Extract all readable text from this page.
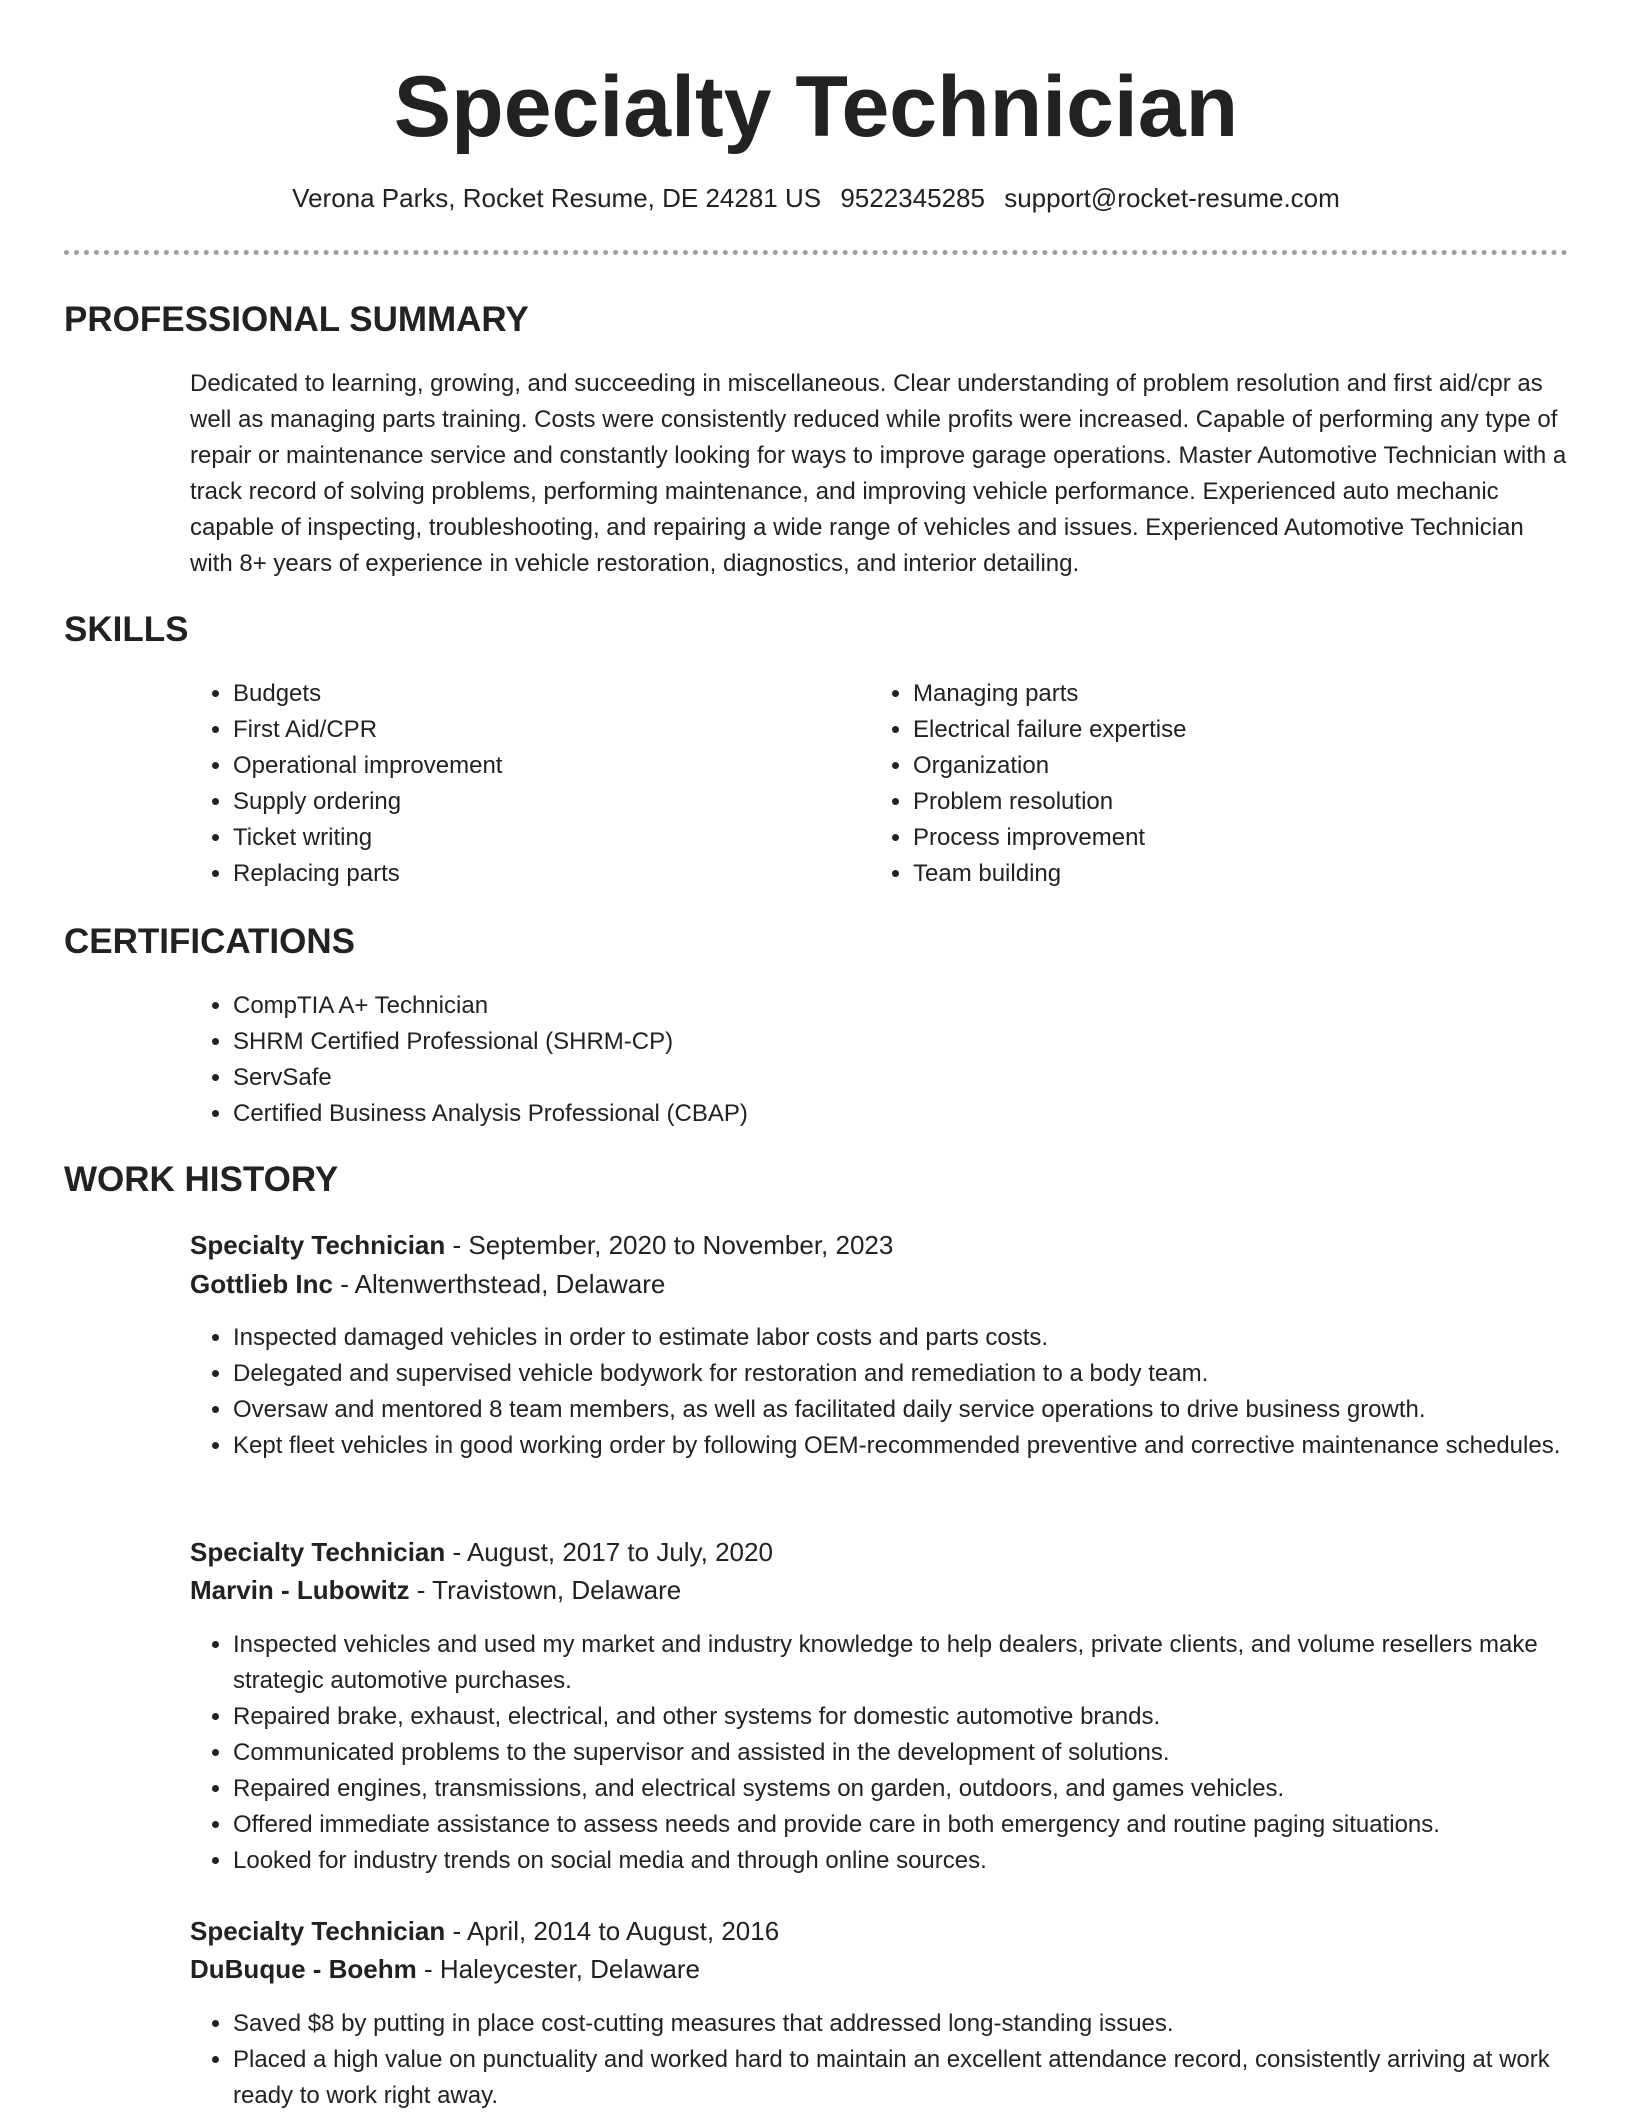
Specialty Technician
Verona Parks, Rocket Resume, DE 24281 US 9522345285 support@rocket-resume.com
PROFESSIONAL SUMMARY

Dedicated to learning, growing, and succeeding in miscellaneous. Clear understanding of problem resolution and first aid/cpr as well as managing parts training. Costs were consistently reduced while profits were increased. Capable of performing any type of repair or maintenance service and constantly looking for ways to improve garage operations. Master Automotive Technician with a track record of solving problems, performing maintenance, and improving vehicle performance. Experienced auto mechanic capable of inspecting, troubleshooting, and repairing a wide range of vehicles and issues. Experienced Automotive Technician with 8+ years of experience in vehicle restoration, diagnostics, and interior detailing.

SKILLS
• Budgets
• First Aid/CPR
• Operational improvement
• Supply ordering
• Ticket writing
• Replacing parts
• Managing parts
• Electrical failure expertise
• Organization
• Problem resolution
• Process improvement
• Team building
CERTIFICATIONS
• CompTIA A+ Technician
• SHRM Certified Professional (SHRM-CP)
• ServSafe
• Certified Business Analysis Professional (CBAP)
WORK HISTORY
Specialty Technician - September, 2020 to November, 2023
Gottlieb Inc - Altenwerthstead, Delaware
• Inspected damaged vehicles in order to estimate labor costs and parts costs.
• Delegated and supervised vehicle bodywork for restoration and remediation to a body team.
• Oversaw and mentored 8 team members, as well as facilitated daily service operations to drive business growth.
• Kept fleet vehicles in good working order by following OEM-recommended preventive and corrective maintenance schedules.
Specialty Technician - August, 2017 to July, 2020
Marvin - Lubowitz - Travistown, Delaware
• Inspected vehicles and used my market and industry knowledge to help dealers, private clients, and volume resellers make strategic automotive purchases.
• Repaired brake, exhaust, electrical, and other systems for domestic automotive brands.
• Communicated problems to the supervisor and assisted in the development of solutions.
• Repaired engines, transmissions, and electrical systems on garden, outdoors, and games vehicles.
• Offered immediate assistance to assess needs and provide care in both emergency and routine paging situations.
• Looked for industry trends on social media and through online sources.
Specialty Technician - April, 2014 to August, 2016
DuBuque - Boehm - Haleycester, Delaware
• Saved $8 by putting in place cost-cutting measures that addressed long-standing issues.
• Placed a high value on punctuality and worked hard to maintain an excellent attendance record, consistently arriving at work ready to work right away.
